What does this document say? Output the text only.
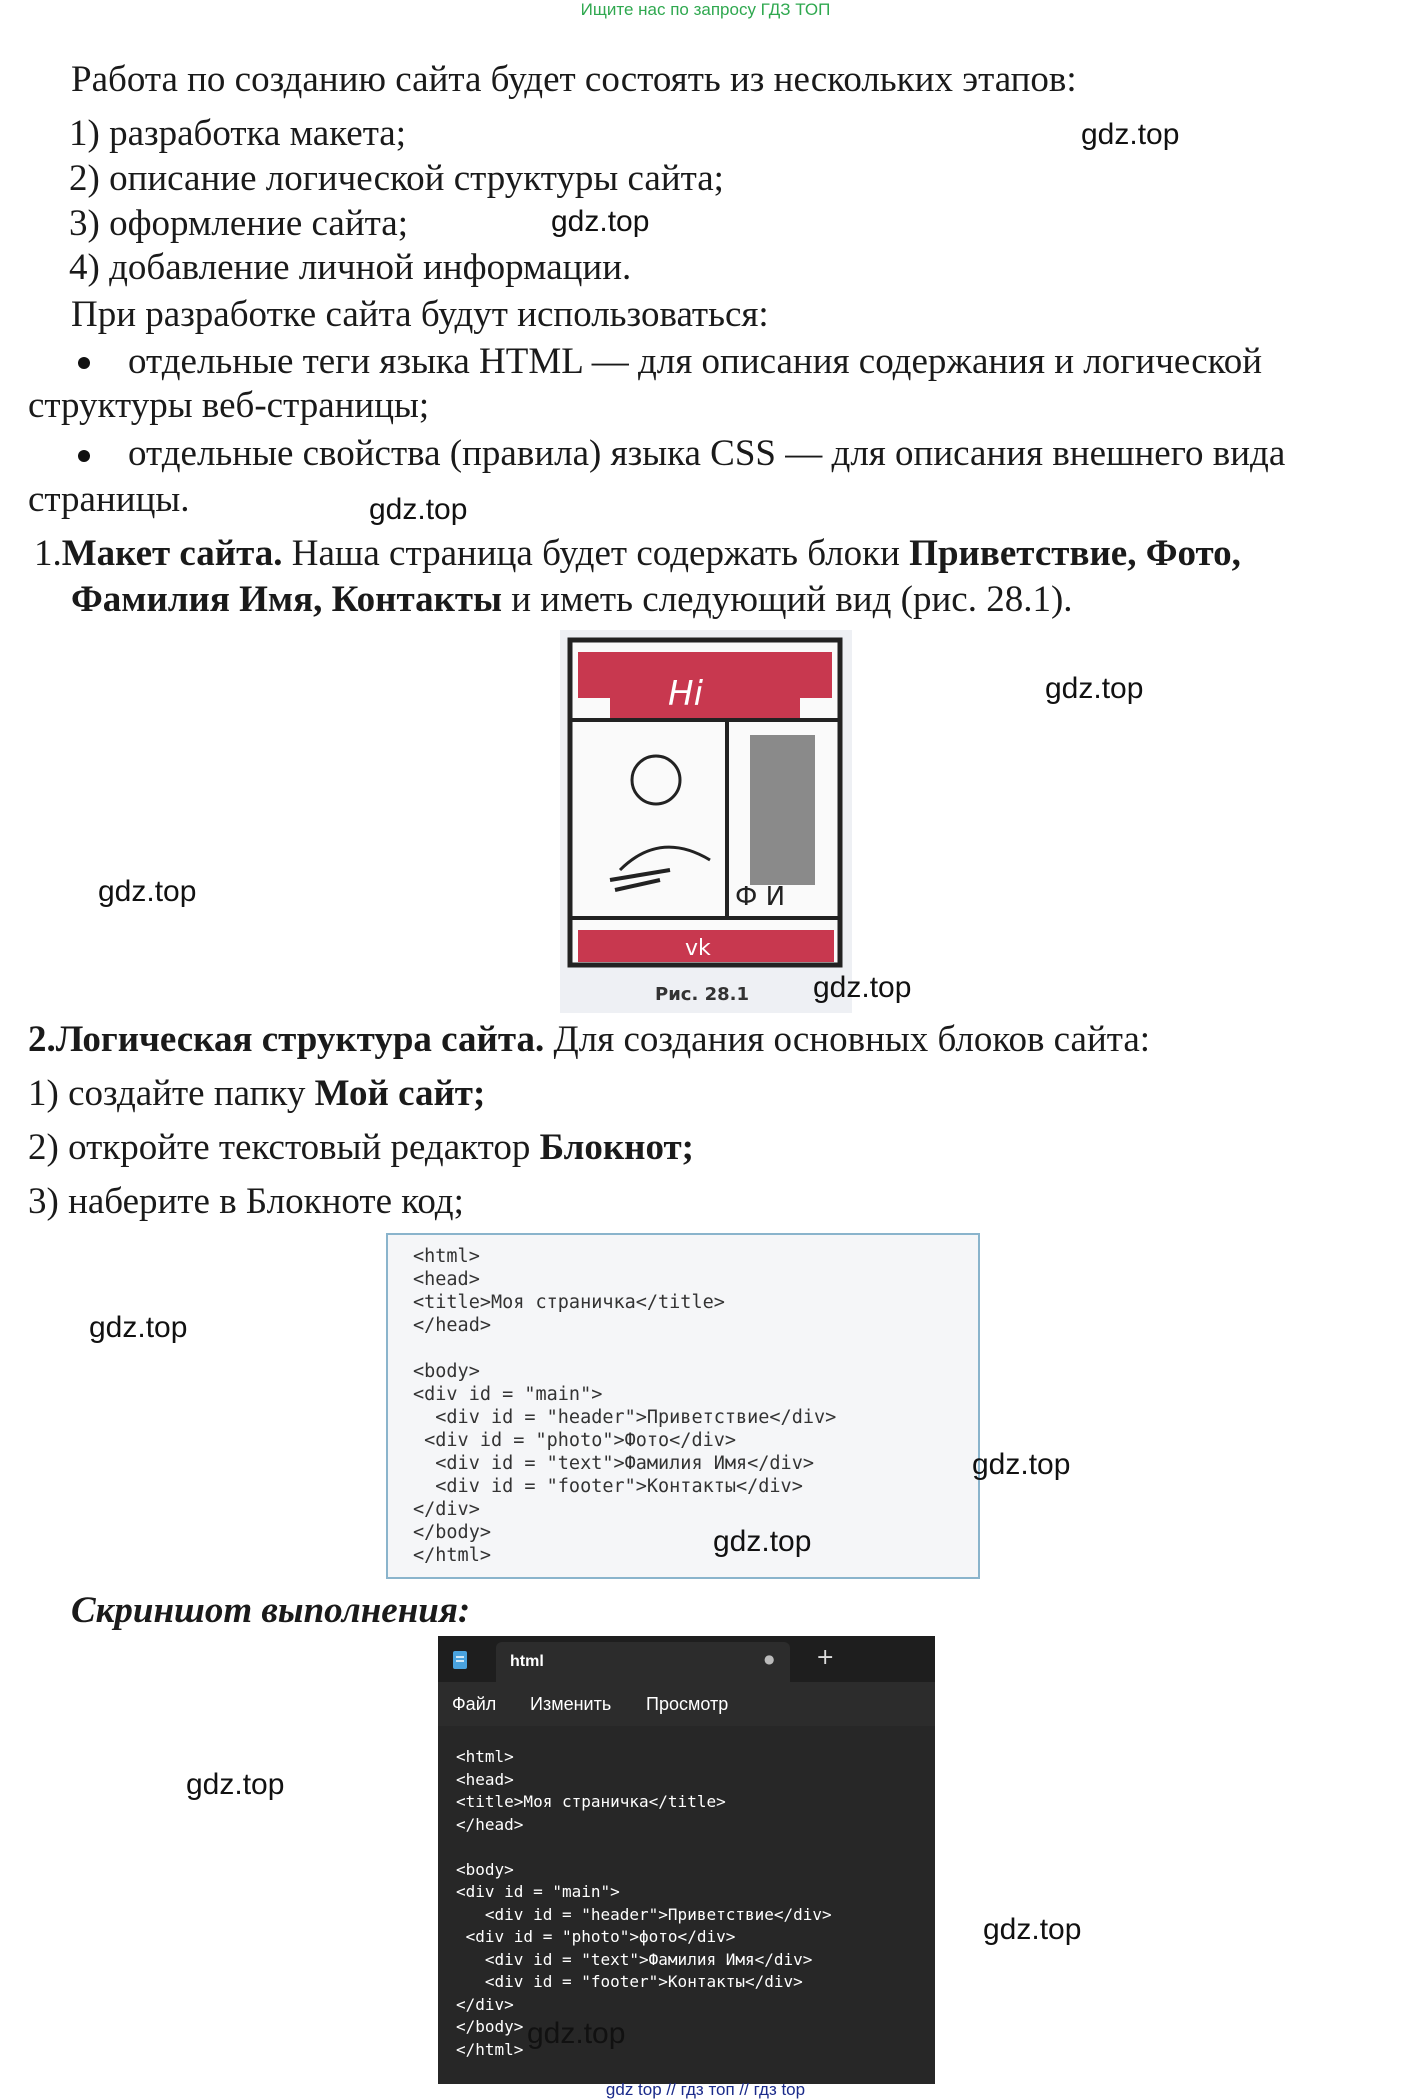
Ищите нас по запросу ГДЗ ТОП
Работа по созданию сайта будет состоять из нескольких этапов:
1) разработка макета;
2) описание логической структуры сайта;
3) оформление сайта;
4) добавление личной информации.
При разработке сайта будут использоваться:
отдельные теги языка HTML — для описания содержания и логической
структуры веб-страницы;
отдельные свойства (правила) языка CSS — для описания внешнего вида
страницы.
1.Макет сайта. Наша страница будет содержать блоки Приветствие, Фото,
Фамилия Имя, Контакты и иметь следующий вид (рис. 28.1).
Hi
Ф И
vk
Рис. 28.1
2.Логическая структура сайта. Для создания основных блоков сайта:
1) создайте папку Мой сайт;
2) откройте текстовый редактор Блокнот;
3) наберите в Блокноте код;
<html>
<head>
<title>Моя страничка</title>
</head>

<body>
<div id = "main">
<div id = "header">Приветствие</div>
<div id = "photo">Фото</div>
<div id = "text">Фамилия Имя</div>
<div id = "footer">Контакты</div>
</div>
</body>
</html>
Скриншот выполнения:
html	● +
Файл Изменить Просмотр
<html>
<head>
<title>Моя страничка</title>
</head>

<body>
<div id = "main">
<div id = "header">Приветствие</div>
<div id = "photo">фото</div>
<div id = "text">Фамилия Имя</div>
<div id = "footer">Контакты</div>
</div>
</body>
</html>
gdz.top
gdz.top
gdz.top
gdz.top
gdz.top
gdz.top
gdz.top
gdz.top
gdz.top
gdz.top
gdz.top
gdz.top
gdz top // гдз топ // гдз top
